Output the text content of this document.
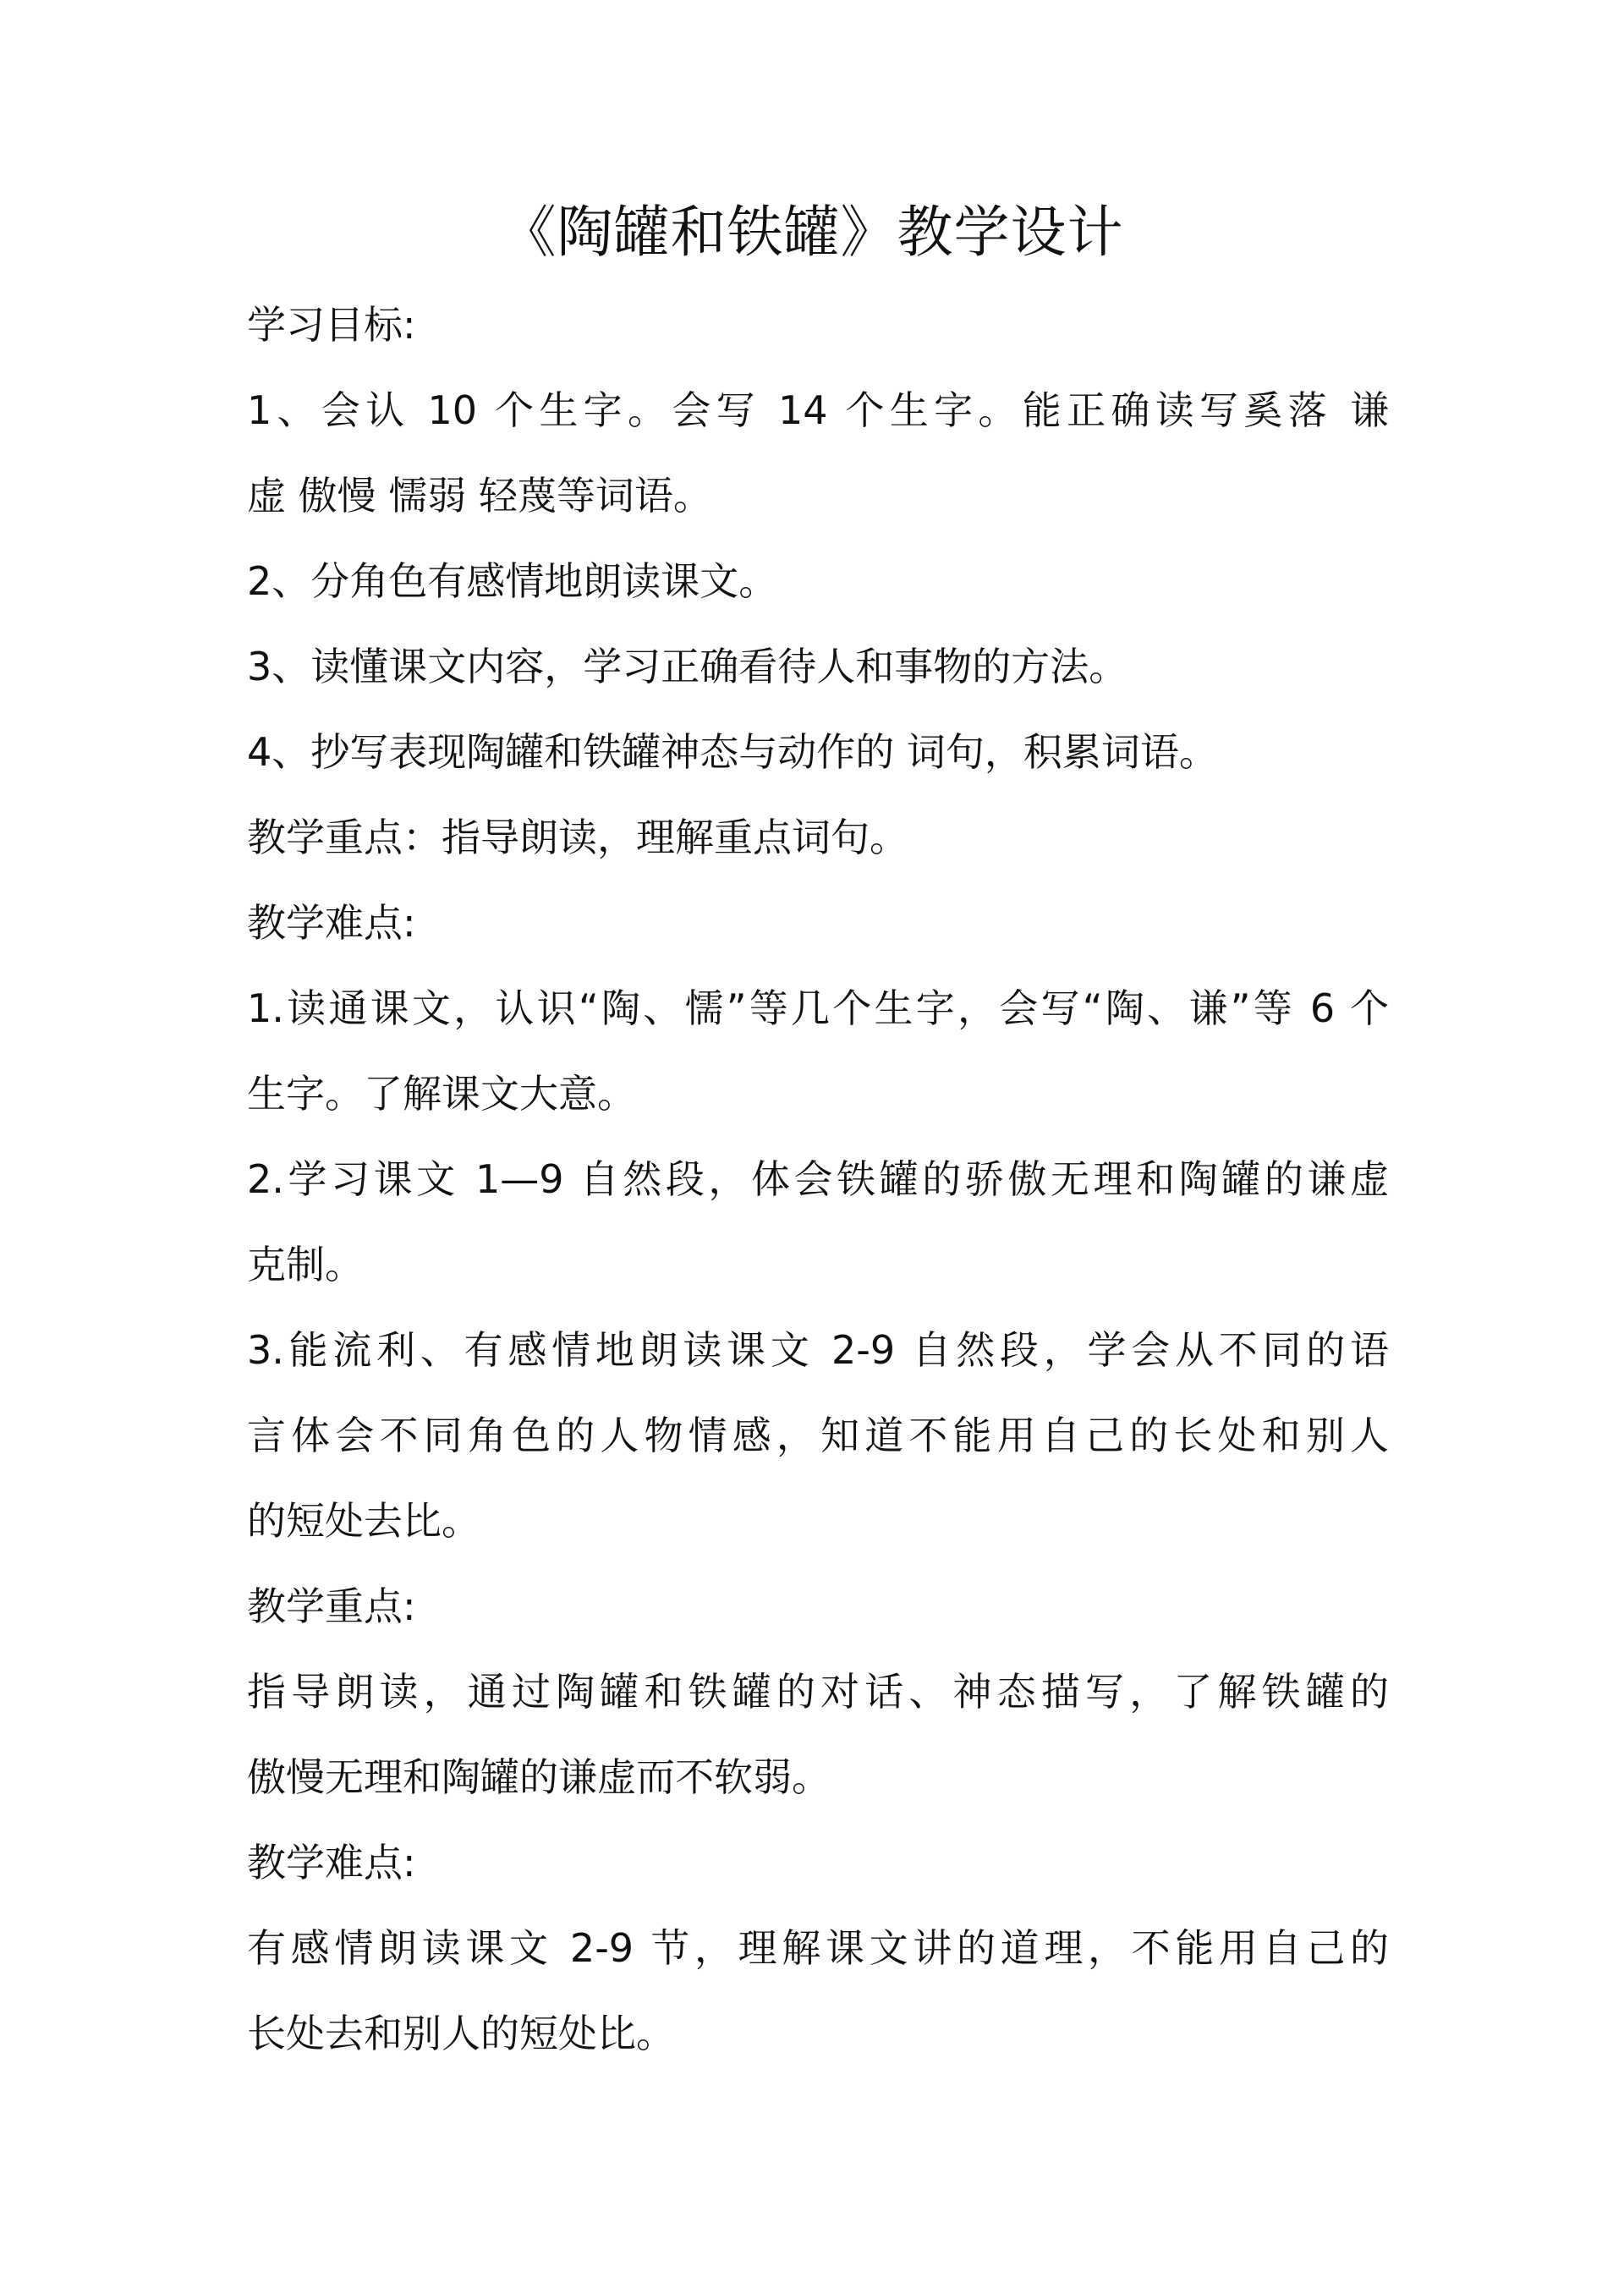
《陶罐和铁罐》教学设计

学习目标:

1、会认 10 个生字。会写 14 个生字。能正确读写奚落 谦

虚 傲慢 懦弱 轻蔑等词语。

2、分角色有感情地朗读课文。

3、读懂课文内容，学习正确看待人和事物的方法。

4、抄写表现陶罐和铁罐神态与动作的 词句，积累词语。

教学重点：指导朗读，理解重点词句。

教学难点:

1.读通课文，认识“陶、懦”等几个生字，会写“陶、谦”等 6 个

生字。了解课文大意。

2.学习课文 1—9 自然段，体会铁罐的骄傲无理和陶罐的谦虚

克制。

3.能流利、有感情地朗读课文 2-9 自然段，学会从不同的语

言体会不同角色的人物情感，知道不能用自己的长处和别人

的短处去比。

教学重点:

指导朗读，通过陶罐和铁罐的对话、神态描写，了解铁罐的

傲慢无理和陶罐的谦虚而不软弱。

教学难点:

有感情朗读课文 2-9 节，理解课文讲的道理，不能用自己的

长处去和别人的短处比。
